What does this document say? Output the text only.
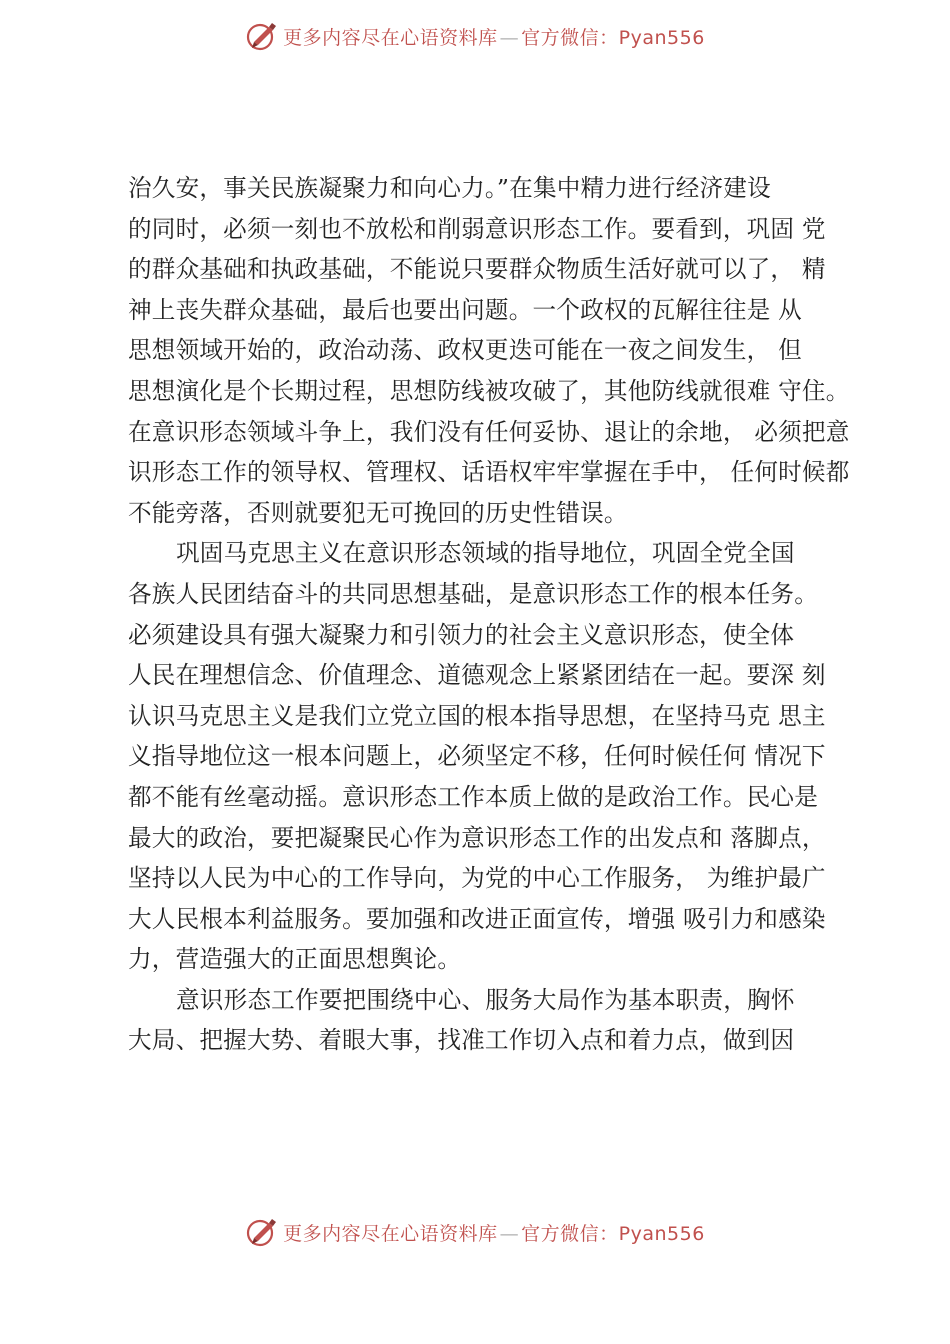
更多内容尽在心语资料库 — 官方微信：Pyan556
治久安，事关民族凝聚力和向心力。”在集中精力进行经济建设
的同时，必须一刻也不放松和削弱意识形态工作。要看到，巩固 党
的群众基础和执政基础，不能说只要群众物质生活好就可以了， 精
神上丧失群众基础，最后也要出问题。一个政权的瓦解往往是 从
思想领域开始的，政治动荡、政权更迭可能在一夜之间发生， 但
思想演化是个长期过程，思想防线被攻破了，其他防线就很难 守住。
在意识形态领域斗争上，我们没有任何妥协、退让的余地， 必须把意
识形态工作的领导权、管理权、话语权牢牢掌握在手中， 任何时候都
不能旁落，否则就要犯无可挽回的历史性错误。
巩固马克思主义在意识形态领域的指导地位，巩固全党全国
各族人民团结奋斗的共同思想基础，是意识形态工作的根本任务。
必须建设具有强大凝聚力和引领力的社会主义意识形态，使全体
人民在理想信念、价值理念、道德观念上紧紧团结在一起。要深 刻
认识马克思主义是我们立党立国的根本指导思想，在坚持马克 思主
义指导地位这一根本问题上，必须坚定不移，任何时候任何 情况下
都不能有丝毫动摇。意识形态工作本质上做的是政治工作。民心是
最大的政治，要把凝聚民心作为意识形态工作的出发点和 落脚点，
坚持以人民为中心的工作导向，为党的中心工作服务， 为维护最广
大人民根本利益服务。要加强和改进正面宣传，增强 吸引力和感染
力，营造强大的正面思想舆论。
意识形态工作要把围绕中心、服务大局作为基本职责，胸怀
大局、把握大势、着眼大事，找准工作切入点和着力点，做到因
更多内容尽在心语资料库 — 官方微信：Pyan556
